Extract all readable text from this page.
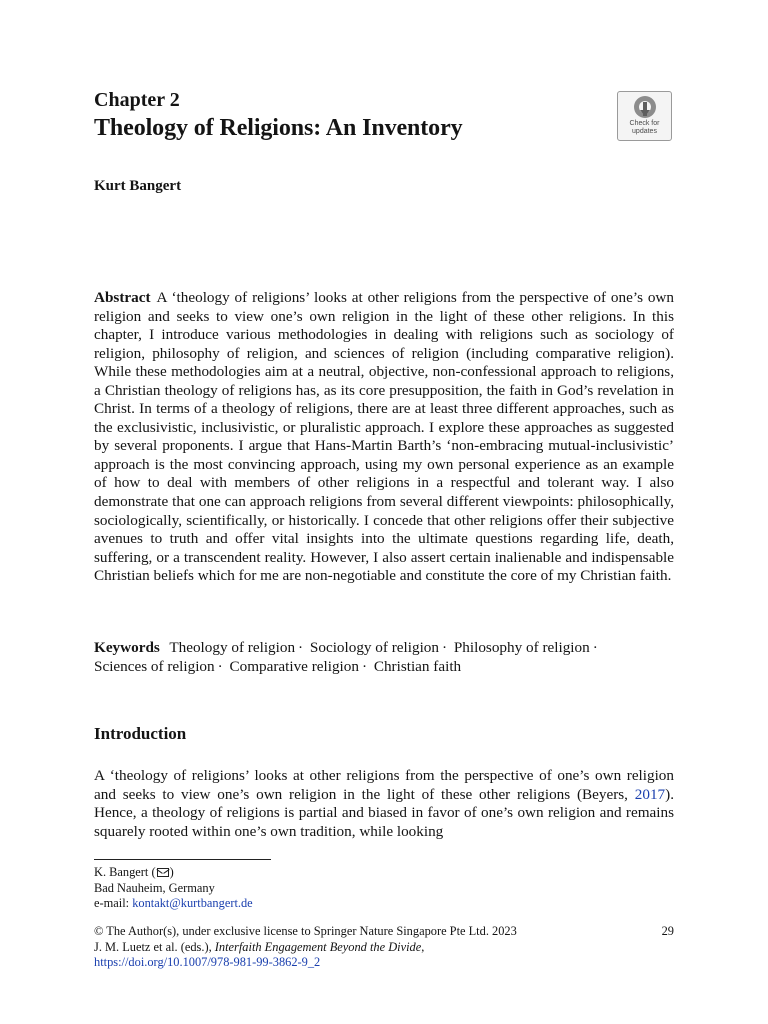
Chapter 2
Theology of Religions: An Inventory	Check for
updates
Kurt Bangert
Abstract A ‘theology of religions’ looks at other religions from the perspective of one’s own religion and seeks to view one’s own religion in the light of these other religions. In this chapter, I introduce various methodologies in dealing with religions such as sociology of religion, philosophy of religion, and sciences of religion (including comparative religion). While these methodologies aim at a neutral, objective, non-confessional approach to religions, a Christian theology of religions has, as its core presupposition, the faith in God’s revelation in Christ. In terms of a theology of religions, there are at least three different approaches, such as the exclusivistic, inclusivistic, or pluralistic approach. I explore these approaches as suggested by several proponents. I argue that Hans-Martin Barth’s ‘non-embracing mutual-inclusivistic’ approach is the most convincing approach, using my own personal experience as an example of how to deal with members of other religions in a respectful and tolerant way. I also demonstrate that one can approach religions from several different viewpoints: philosophically, sociologically, scientifically, or historically. I concede that other religions offer their subjective avenues to truth and offer vital insights into the ultimate questions regarding life, death, suffering, or a transcendent reality. However, I also assert certain inalienable and indispensable Christian beliefs which for me are non-negotiable and constitute the core of my Christian faith.
Keywords Theology of religion · Sociology of religion · Philosophy of religion ·
Sciences of religion · Comparative religion · Christian faith
Introduction
A ‘theology of religions’ looks at other religions from the perspective of one’s own religion and seeks to view one’s own religion in the light of these other religions (Beyers, 2017). Hence, a theology of religions is partial and biased in favor of one’s own religion and remains squarely rooted within one’s own tradition, while looking
K. Bangert ( )
Bad Nauheim, Germany
e-mail: kontakt@kurtbangert.de
29
© The Author(s), under exclusive license to Springer Nature Singapore Pte Ltd. 2023
J. M. Luetz et al. (eds.), Interfaith Engagement Beyond the Divide,
https://doi.org/10.1007/978-981-99-3862-9_2
